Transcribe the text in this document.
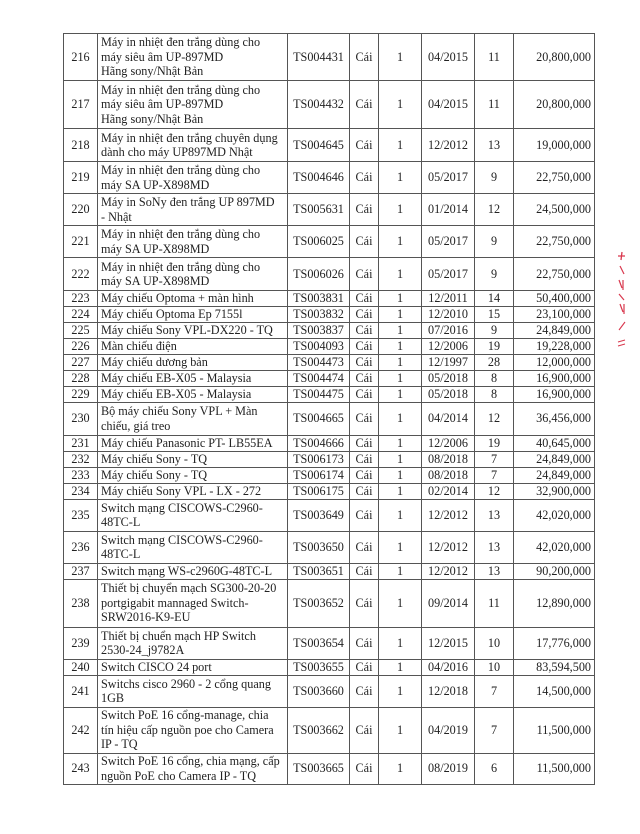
216	Máy in nhiệt đen trắng dùng cho
máy siêu âm UP-897MD
Hãng sony/Nhật Bản	TS004431	Cái	1	04/2015	11	20,800,000
217	Máy in nhiệt đen trắng dùng cho
máy siêu âm UP-897MD
Hãng sony/Nhật Bản	TS004432	Cái	1	04/2015	11	20,800,000
218	Máy in nhiệt đen trắng chuyên dụng
dành cho máy UP897MD Nhật	TS004645	Cái	1	12/2012	13	19,000,000
219	Máy in nhiệt đen trắng dùng cho
máy SA UP-X898MD	TS004646	Cái	1	05/2017	9	22,750,000
220	Máy in SoNy đen trắng UP 897MD
- Nhật	TS005631	Cái	1	01/2014	12	24,500,000
221	Máy in nhiệt đen trắng dùng cho
máy SA UP-X898MD	TS006025	Cái	1	05/2017	9	22,750,000
222	Máy in nhiệt đen trắng dùng cho
máy SA UP-X898MD	TS006026	Cái	1	05/2017	9	22,750,000
223	Máy chiếu Optoma + màn hình	TS003831	Cái	1	12/2011	14	50,400,000
224	Máy chiếu Optoma Ep 7155l	TS003832	Cái	1	12/2010	15	23,100,000
225	Máy chiếu Sony VPL-DX220 - TQ	TS003837	Cái	1	07/2016	9	24,849,000
226	Màn chiếu điện	TS004093	Cái	1	12/2006	19	19,228,000
227	Máy chiếu dương bản	TS004473	Cái	1	12/1997	28	12,000,000
228	Máy chiếu EB-X05 - Malaysia	TS004474	Cái	1	05/2018	8	16,900,000
229	Máy chiếu EB-X05 - Malaysia	TS004475	Cái	1	05/2018	8	16,900,000
230	Bộ máy chiếu Sony VPL + Màn
chiếu, giá treo	TS004665	Cái	1	04/2014	12	36,456,000
231	Máy chiếu Panasonic PT- LB55EA	TS004666	Cái	1	12/2006	19	40,645,000
232	Máy chiếu Sony - TQ	TS006173	Cái	1	08/2018	7	24,849,000
233	Máy chiếu Sony - TQ	TS006174	Cái	1	08/2018	7	24,849,000
234	Máy chiếu Sony VPL - LX - 272	TS006175	Cái	1	02/2014	12	32,900,000
235	Switch mạng CISCOWS-C2960-
48TC-L	TS003649	Cái	1	12/2012	13	42,020,000
236	Switch mạng CISCOWS-C2960-
48TC-L	TS003650	Cái	1	12/2012	13	42,020,000
237	Switch mạng WS-c2960G-48TC-L	TS003651	Cái	1	12/2012	13	90,200,000
238	Thiết bị chuyển mạch SG300-20-20
portgigabit mannaged Switch-
SRW2016-K9-EU	TS003652	Cái	1	09/2014	11	12,890,000
239	Thiết bị chuển mạch HP Switch
2530-24_j9782A	TS003654	Cái	1	12/2015	10	17,776,000
240	Switch CISCO 24 port	TS003655	Cái	1	04/2016	10	83,594,500
241	Switchs cisco 2960 - 2 cổng quang
1GB	TS003660	Cái	1	12/2018	7	14,500,000
242	Switch PoE 16 cổng-manage, chia
tín hiệu cấp nguồn poe cho Camera
IP - TQ	TS003662	Cái	1	04/2019	7	11,500,000
243	Switch PoE 16 cổng, chia mạng, cấp
nguồn PoE cho Camera IP - TQ	TS003665	Cái	1	08/2019	6	11,500,000
